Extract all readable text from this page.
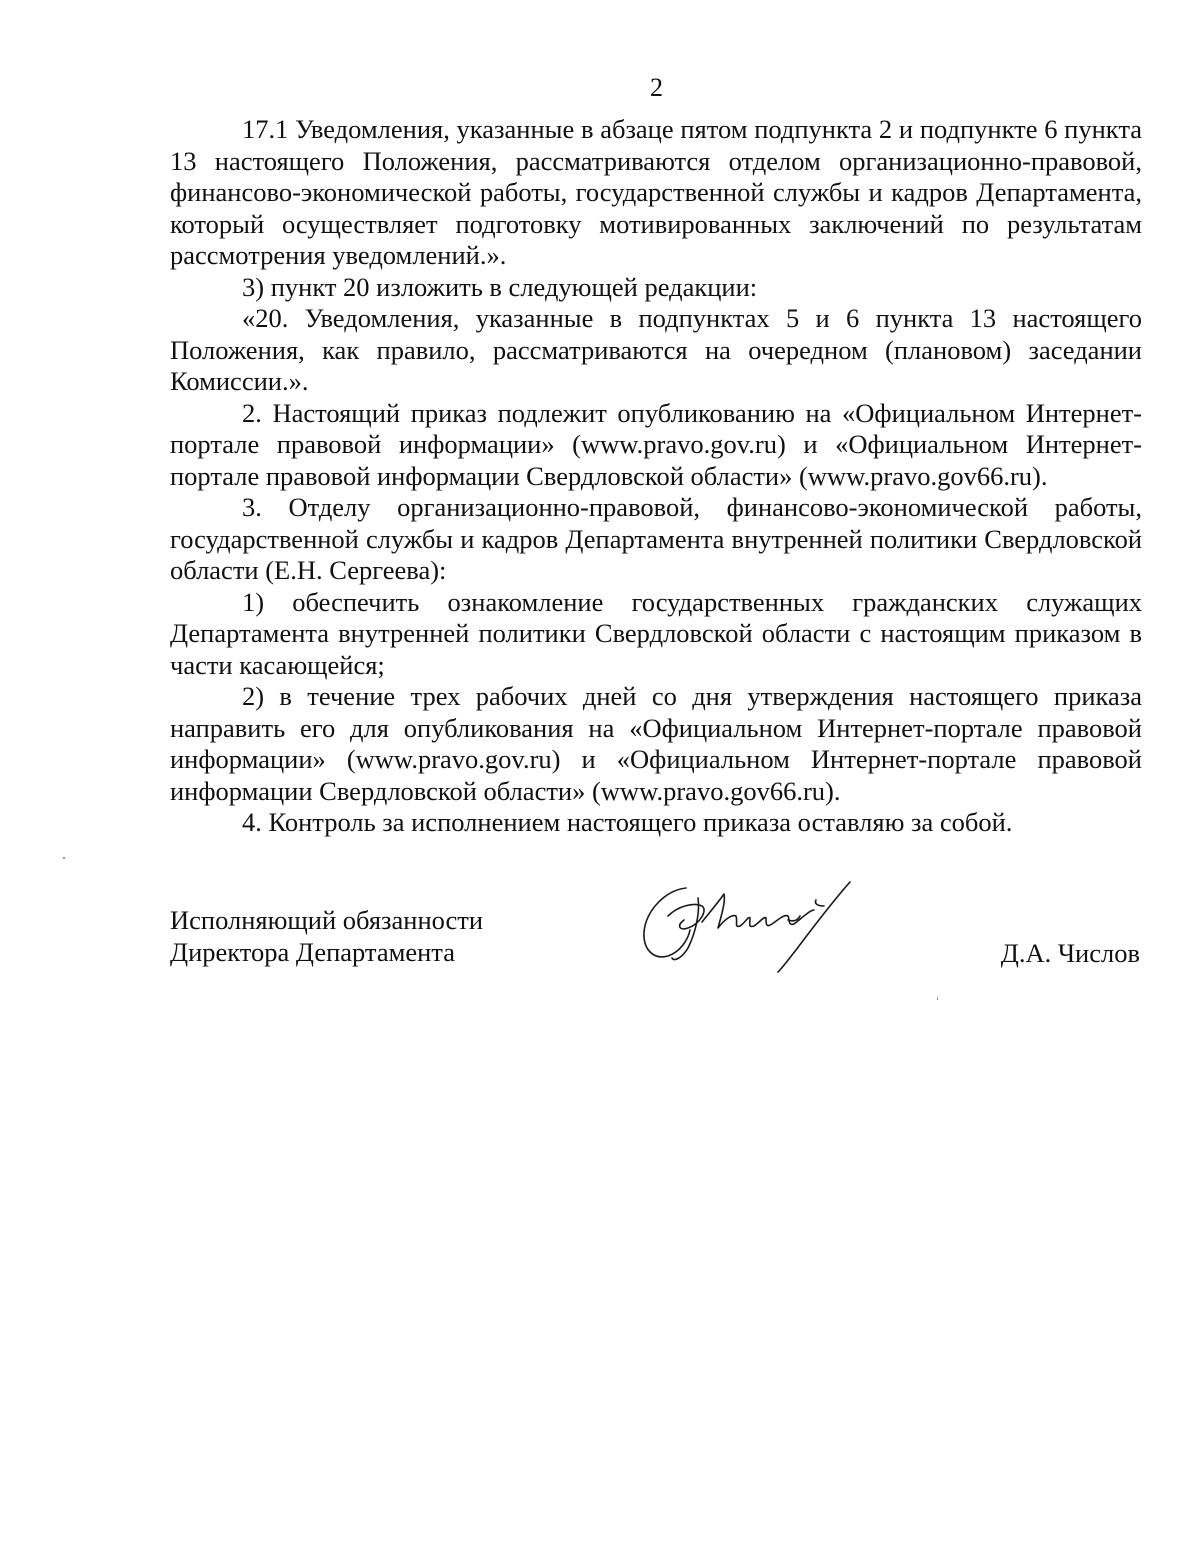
2

17.1 Уведомления, указанные в абзаце пятом подпункта 2 и подпункте 6 пункта 13 настоящего Положения, рассматриваются отделом организационно-правовой, финансово-экономической работы, государственной службы и кадров Департамента, который осуществляет подготовку мотивированных заключений по результатам рассмотрения уведомлений.».

3) пункт 20 изложить в следующей редакции:

«20. Уведомления, указанные в подпунктах 5 и 6 пункта 13 настоящего Положения, как правило, рассматриваются на очередном (плановом) заседании Комиссии.».

2. Настоящий приказ подлежит опубликованию на «Официальном Интернет-портале правовой информации» (www.pravo.gov.ru) и «Официальном Интернет-портале правовой информации Свердловской области» (www.pravo.gov66.ru).

3. Отделу организационно-правовой, финансово-экономической работы, государственной службы и кадров Департамента внутренней политики Свердловской области (Е.Н. Сергеева):

1) обеспечить ознакомление государственных гражданских служащих Департамента внутренней политики Свердловской области с настоящим приказом в части касающейся;

2) в течение трех рабочих дней со дня утверждения настоящего приказа направить его для опубликования на «Официальном Интернет-портале правовой информации» (www.pravo.gov.ru) и «Официальном Интернет-портале правовой информации Свердловской области» (www.pravo.gov66.ru).

4. Контроль за исполнением настоящего приказа оставляю за собой.

Исполняющий обязанности
Директора Департамента	Д.А. Числов
